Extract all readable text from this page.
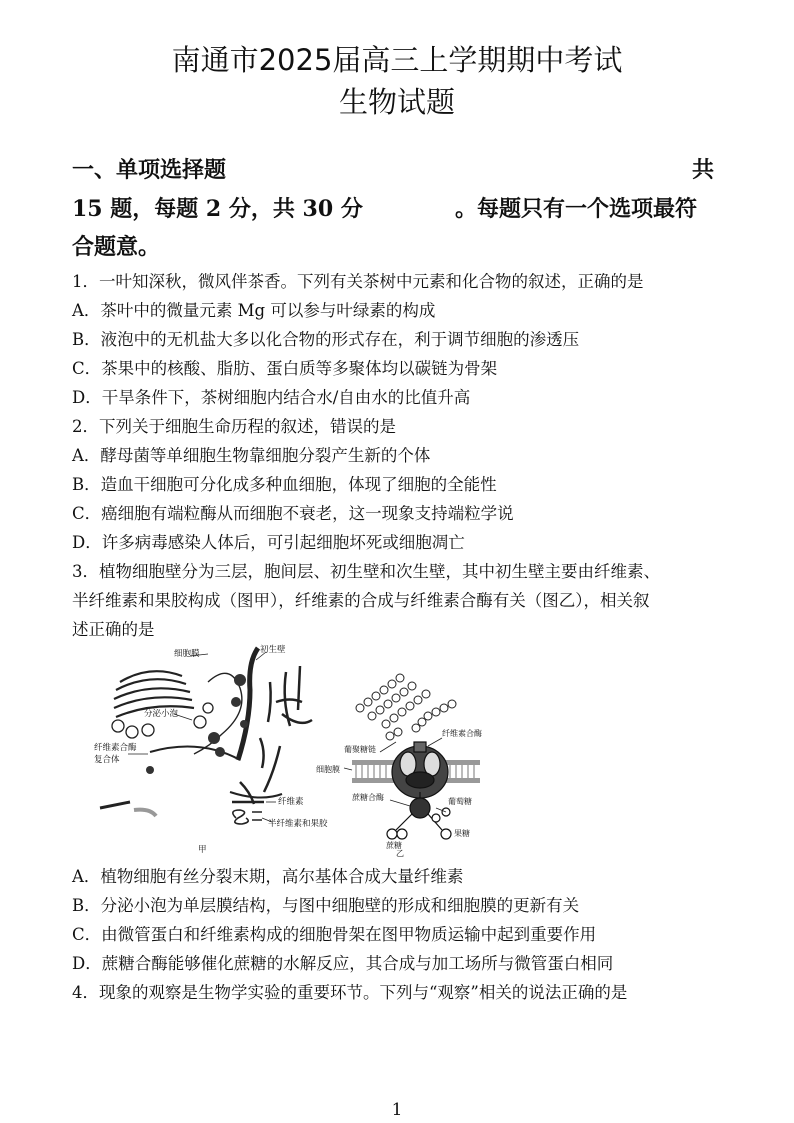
南通市2025届高三上学期期中考试
生物试题
一、单项选择题	共
15 题，每题 2 分，共 30 分	。每题只有一个选项最符
合题意。
1．一叶知深秋，微风伴茶香。下列有关茶树中元素和化合物的叙述，正确的是
A．茶叶中的微量元素 Mg 可以参与叶绿素的构成
B．液泡中的无机盐大多以化合物的形式存在，利于调节细胞的渗透压
C．茶果中的核酸、脂肪、蛋白质等多聚体均以碳链为骨架
D．干旱条件下，茶树细胞内结合水/自由水的比值升高
2．下列关于细胞生命历程的叙述，错误的是
A．酵母菌等单细胞生物靠细胞分裂产生新的个体
B．造血干细胞可分化成多种血细胞，体现了细胞的全能性
C．癌细胞有端粒酶从而细胞不衰老，这一现象支持端粒学说
D．许多病毒感染人体后，可引起细胞坏死或细胞凋亡
3．植物细胞壁分为三层，胞间层、初生壁和次生壁，其中初生壁主要由纤维素、
半纤维素和果胶构成（图甲），纤维素的合成与纤维素合酶有关（图乙），相关叙
述正确的是
细胞膜	初生壁
分泌小泡
纤维素合酶
复合体
纤维素
半纤维素和果胶
甲
纤维素合酶
葡聚糖链
细胞膜
蔗糖合酶	葡萄糖
蔗糖
果糖
乙
A．植物细胞有丝分裂末期，高尔基体合成大量纤维素
B．分泌小泡为单层膜结构，与图中细胞壁的形成和细胞膜的更新有关
C．由微管蛋白和纤维素构成的细胞骨架在图甲物质运输中起到重要作用
D．蔗糖合酶能够催化蔗糖的水解反应，其合成与加工场所与微管蛋白相同
4．现象的观察是生物学实验的重要环节。下列与“观察”相关的说法正确的是
1
